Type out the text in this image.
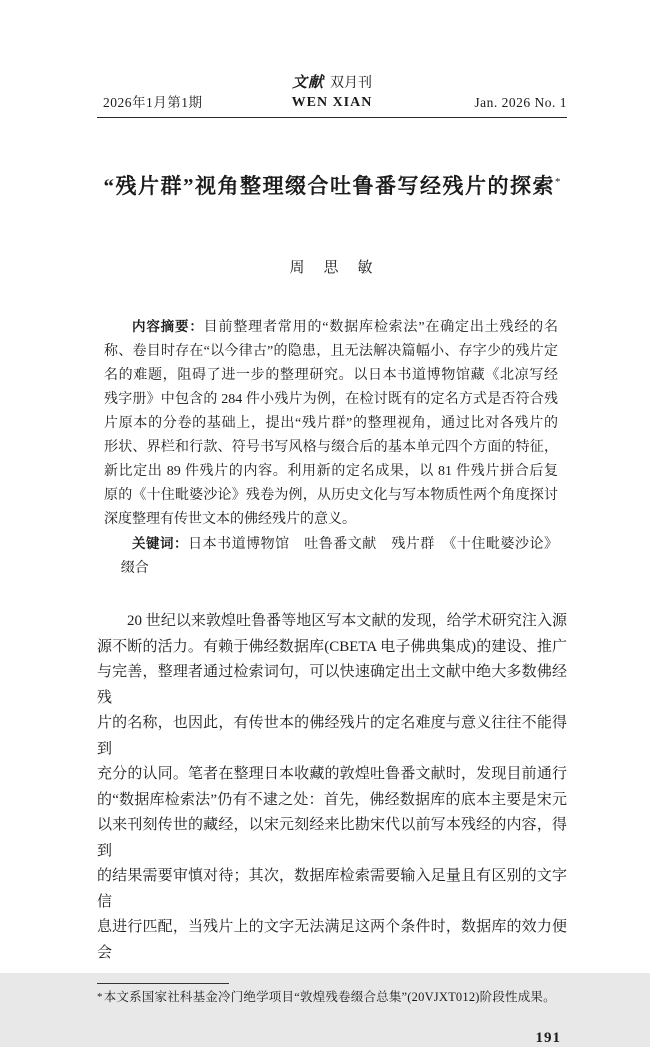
文献 双月刊
2026年1月第1期	WEN XIAN	Jan. 2026 No. 1
“残片群”视角整理缀合吐鲁番写经残片的探索*
周　思　敏
内容摘要：目前整理者常用的“数据库检索法”在确定出土残经的名
称、卷目时存在“以今律古”的隐患，且无法解决篇幅小、存字少的残片定
名的难题，阻碍了进一步的整理研究。以日本书道博物馆藏《北凉写经
残字册》中包含的 284 件小残片为例，在检讨既有的定名方式是否符合残
片原本的分卷的基础上，提出“残片群”的整理视角，通过比对各残片的
形状、界栏和行款、符号书写风格与缀合后的基本单元四个方面的特征，
新比定出 89 件残片的内容。利用新的定名成果，以 81 件残片拼合后复
原的《十住毗婆沙论》残卷为例，从历史文化与写本物质性两个角度探讨
深度整理有传世文本的佛经残片的意义。
关键词：日本书道博物馆　吐鲁番文献　残片群　《十住毗婆沙论》
缀合
20 世纪以来敦煌吐鲁番等地区写本文献的发现，给学术研究注入源
源不断的活力。有赖于佛经数据库(CBETA 电子佛典集成)的建设、推广
与完善，整理者通过检索词句，可以快速确定出土文献中绝大多数佛经残
片的名称，也因此，有传世本的佛经残片的定名难度与意义往往不能得到
充分的认同。笔者在整理日本收藏的敦煌吐鲁番文献时，发现目前通行
的“数据库检索法”仍有不逮之处：首先，佛经数据库的底本主要是宋元
以来刊刻传世的藏经，以宋元刻经来比勘宋代以前写本残经的内容，得到
的结果需要审慎对待；其次，数据库检索需要输入足量且有区别的文字信
息进行匹配，当残片上的文字无法满足这两个条件时，数据库的效力便会
*本文系国家社科基金冷门绝学项目“敦煌残卷缀合总集”(20VJXT012)阶段性成果。
191
